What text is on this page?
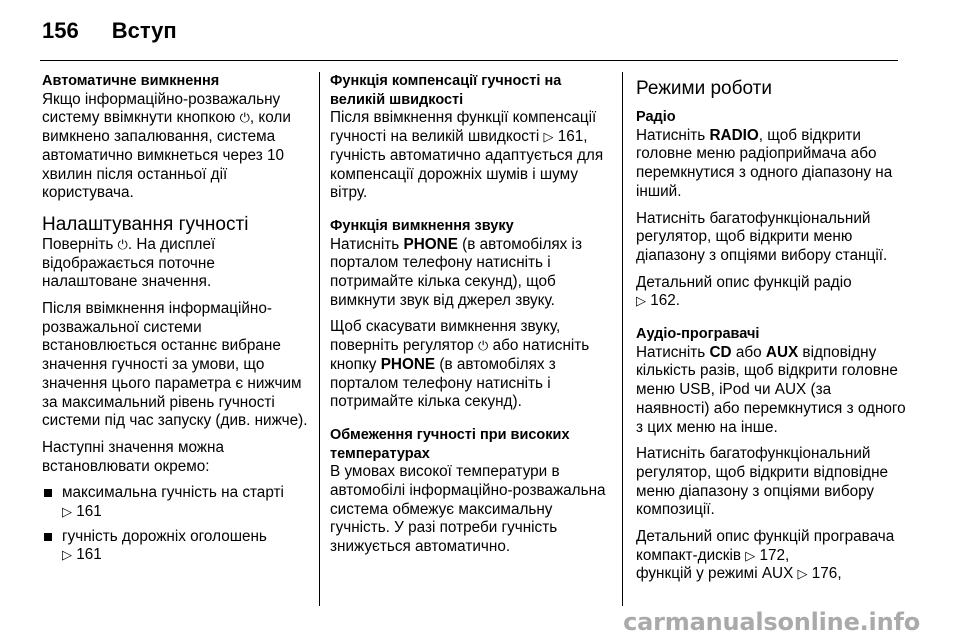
156 Вступ
Автоматичне вимкнення

Якщо інформаційно-розважальну систему ввімкнути кнопкою ⏻, коли вимкнено запалювання, система автоматично вимкнеться через 10 хвилин після останньої дії користувача.

Налаштування гучності

Поверніть ⏻. На дисплеї відображається поточне налаштоване значення.

Після ввімкнення інформаційно-розважальної системи встановлюється останнє вибране значення гучності за умови, що значення цього параметра є нижчим за максимальний рівень гучності системи під час запуску (див. нижче).

Наступні значення можна встановлювати окремо:

максимальна гучність на старті
▷ 161
гучність дорожніх оголошень
▷ 161
Функція компенсації гучності на великій швидкості

Після ввімкнення функції компенсації гучності на великій швидкості ▷ 161, гучність автоматично адаптується для компенсації дорожніх шумів і шуму вітру.

Функція вимкнення звуку

Натисніть PHONE (в автомобілях із порталом телефону натисніть і потримайте кілька секунд), щоб вимкнути звук від джерел звуку.

Щоб скасувати вимкнення звуку, поверніть регулятор ⏻ або натисніть кнопку PHONE (в автомобілях з порталом телефону натисніть і потримайте кілька секунд).

Обмеження гучності при високих температурах

В умовах високої температури в автомобілі інформаційно-розважальна система обмежує максимальну гучність. У разі потреби гучність знижується автоматично.

Режими роботи
Радіо

Натисніть RADIO, щоб відкрити головне меню радіоприймача або перемкнутися з одного діапазону на інший.

Натисніть багатофункціональний регулятор, щоб відкрити меню діапазону з опціями вибору станції.

Детальний опис функцій радіо
▷ 162.

Аудіо-програвачі

Натисніть CD або AUX відповідну кількість разів, щоб відкрити головне меню USB, iPod чи AUX (за наявності) або перемкнутися з одного з цих меню на інше.

Натисніть багатофункціональний регулятор, щоб відкрити відповідне меню діапазону з опціями вибору композиції.

Детальний опис функцій програвача компакт-дисків ▷ 172,
функцій у режимі AUX ▷ 176,

carmanualsonline.info
